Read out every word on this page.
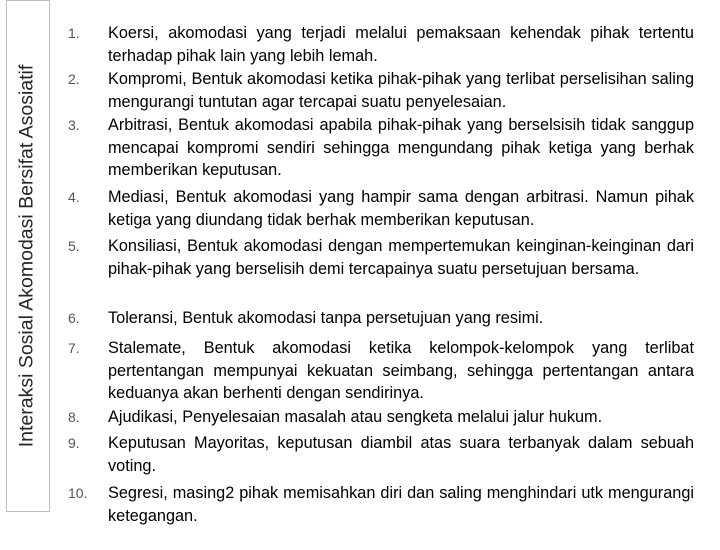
Interaksi Sosial Akomodasi Bersifat Asosiatif
1. Koersi, akomodasi yang terjadi melalui pemaksaan kehendak pihak tertentu terhadap pihak lain yang lebih lemah.
2. Kompromi, Bentuk akomodasi ketika pihak-pihak yang terlibat perselisihan saling mengurangi tuntutan agar tercapai suatu penyelesaian.
3. Arbitrasi, Bentuk akomodasi apabila pihak-pihak yang berselsisih tidak sanggup mencapai kompromi sendiri sehingga mengundang pihak ketiga yang berhak memberikan keputusan.
4. Mediasi, Bentuk akomodasi yang hampir sama dengan arbitrasi. Namun pihak ketiga yang diundang tidak berhak memberikan keputusan.
5. Konsiliasi, Bentuk akomodasi dengan mempertemukan keinginan-keinginan dari pihak-pihak yang berselisih demi tercapainya suatu persetujuan bersama.
6. Toleransi, Bentuk akomodasi tanpa persetujuan yang resimi.
7. Stalemate, Bentuk akomodasi ketika kelompok-kelompok yang terlibat pertentangan mempunyai kekuatan seimbang, sehingga pertentangan antara keduanya akan berhenti dengan sendirinya.
8. Ajudikasi, Penyelesaian masalah atau sengketa melalui jalur hukum.
9. Keputusan Mayoritas, keputusan diambil atas suara terbanyak dalam sebuah voting.
10. Segresi, masing2 pihak memisahkan diri dan saling menghindari utk mengurangi ketegangan.
